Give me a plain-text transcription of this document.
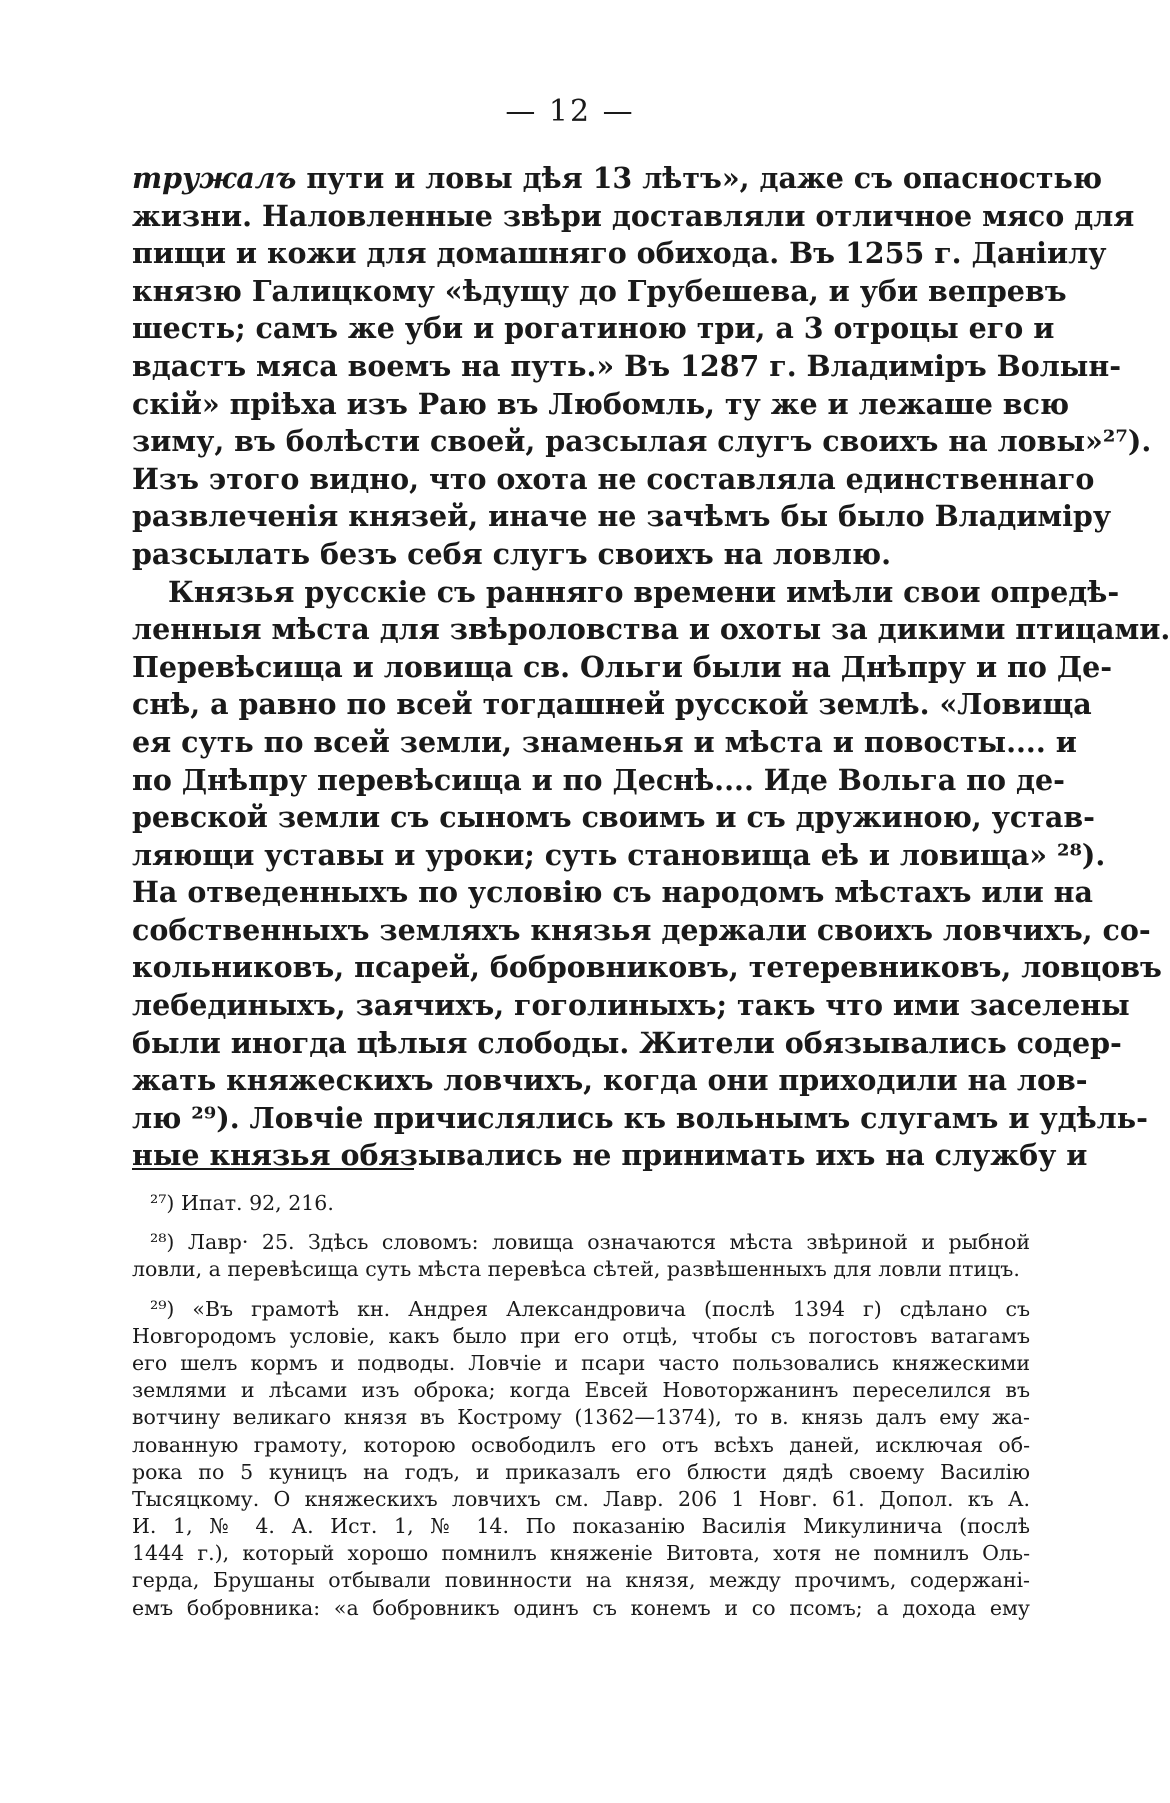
— 12 —
тружалъ пути и ловы дѣя 13 лѣтъ», даже съ опасностью
жизни. Наловленные звѣри доставляли отличное мясо для
пищи и кожи для домашняго обихода. Въ 1255 г. Даніилу
князю Галицкому «ѣдущу до Грубешева, и уби вепревъ
шесть; самъ же уби и рогатиною три, а 3 отроцы его и
вдастъ мяса воемъ на путь.» Въ 1287 г. Владиміръ Волын-
скій» пріѣха изъ Раю въ Любомль, ту же и лежаше всю
зиму, въ болѣсти своей, разсылая слугъ своихъ на ловы»²⁷).
Изъ этого видно, что охота не составляла единственнаго
развлеченія князей, иначе не зачѣмъ бы было Владиміру
разсылать безъ себя слугъ своихъ на ловлю.
Князья русскіе съ ранняго времени имѣли свои опредѣ-
ленныя мѣста для звѣроловства и охоты за дикими птицами.
Перевѣсища и ловища св. Ольги были на Днѣпру и по Де-
снѣ, а равно по всей тогдашней русской землѣ. «Ловища
ея суть по всей земли, знаменья и мѣста и повосты.... и
по Днѣпру перевѣсища и по Деснѣ.... Иде Вольга по де-
ревской земли съ сыномъ своимъ и съ дружиною, устав-
ляющи уставы и уроки; суть становища еѣ и ловища» ²⁸).
На отведенныхъ по условію съ народомъ мѣстахъ или на
собственныхъ земляхъ князья держали своихъ ловчихъ, со-
кольниковъ, псарей, бобровниковъ, тетеревниковъ, ловцовъ
лебединыхъ, заячихъ, гоголиныхъ; такъ что ими заселены
были иногда цѣлыя слободы. Жители обязывались содер-
жать княжескихъ ловчихъ, когда они приходили на лов-
лю ²⁹). Ловчіе причислялись къ вольнымъ слугамъ и удѣль-
ные князья обязывались не принимать ихъ на службу и
²⁷) Ипат. 92, 216.
²⁸) Лавр· 25. Здѣсь словомъ: ловища означаются мѣста звѣриной и рыбной
ловли, а перевѣсища суть мѣста перевѣса сѣтей, развѣшенныхъ для ловли птицъ.
²⁹) «Въ грамотѣ кн. Андрея Александровича (послѣ 1394 г) сдѣлано съ
Новгородомъ условіе, какъ было при его отцѣ, чтобы съ погостовъ ватагамъ
его шелъ кормъ и подводы. Ловчіе и псари часто пользовались княжескими
землями и лѣсами изъ оброка; когда Евсей Новоторжанинъ переселился въ
вотчину великаго князя въ Кострому (1362—1374), то в. князь далъ ему жа-
лованную грамоту, которою освободилъ его отъ всѣхъ даней, исключая об-
рока по 5 куницъ на годъ, и приказалъ его блюсти дядѣ своему Василію
Тысяцкому. О княжескихъ ловчихъ см. Лавр. 206 1 Новг. 61. Допол. къ А.
И. 1, № 4. А. Ист. 1, № 14. По показанію Василія Микулинича (послѣ
1444 г.), который хорошо помнилъ княженіе Витовта, хотя не помнилъ Оль-
герда, Брушаны отбывали повинности на князя, между прочимъ, содержані-
емъ бобровника: «а бобровникъ одинъ съ конемъ и со псомъ; а дохода ему
